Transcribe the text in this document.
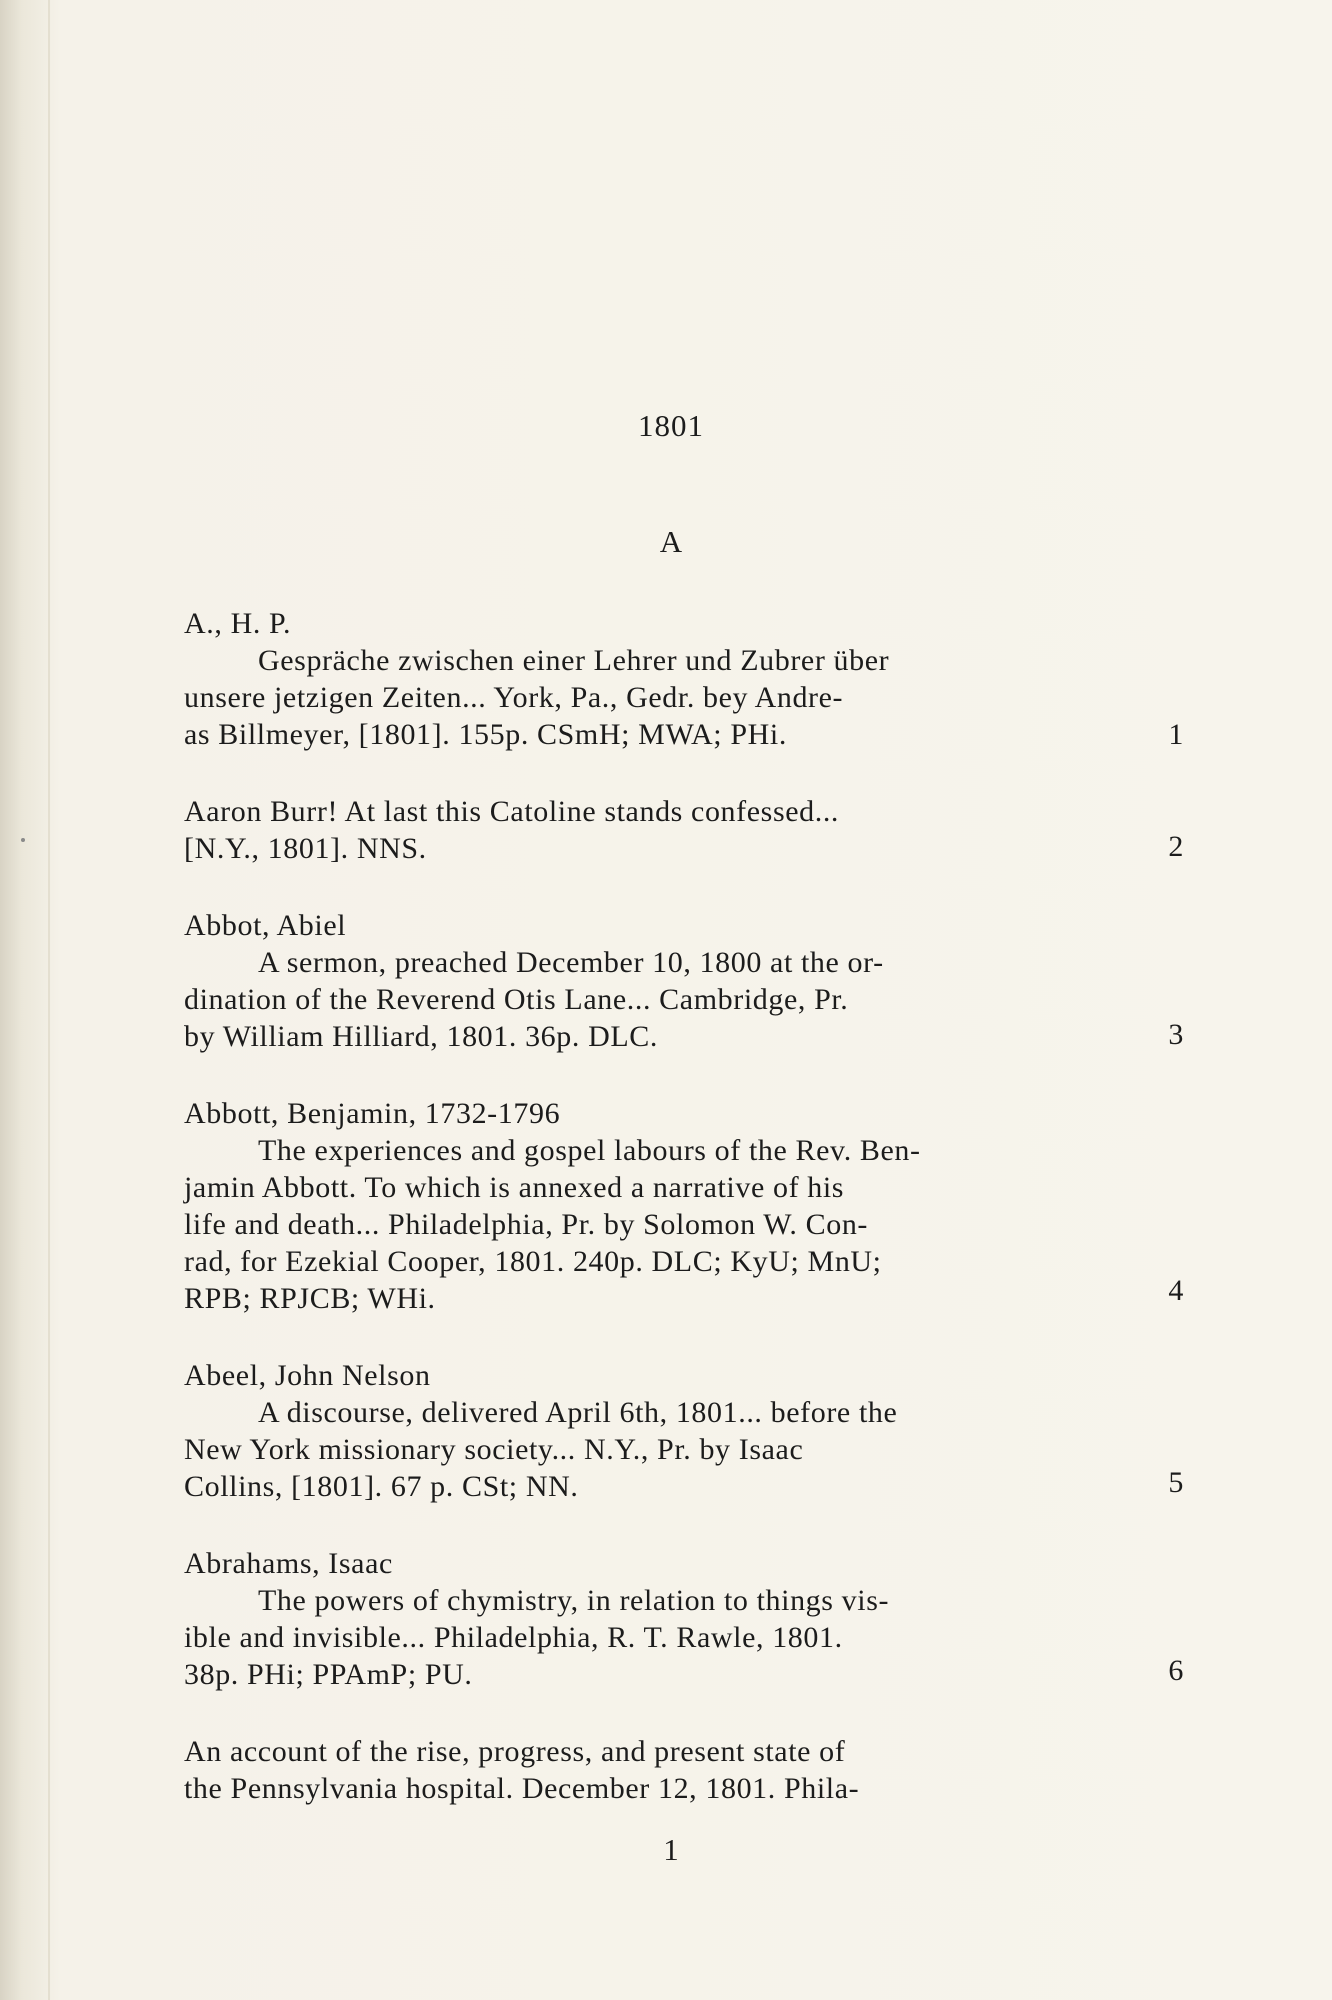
1801
A
A., H. P.
Gespräche zwischen einer Lehrer und Zubrer über
unsere jetzigen Zeiten... York, Pa., Gedr. bey Andre-
as Billmeyer, [1801]. 155p. CSmH; MWA; PHi.	1
Aaron Burr! At last this Catoline stands confessed...
[N.Y., 1801]. NNS.	2
Abbot, Abiel
A sermon, preached December 10, 1800 at the or-
dination of the Reverend Otis Lane... Cambridge, Pr.
by William Hilliard, 1801. 36p. DLC.	3
Abbott, Benjamin, 1732-1796
The experiences and gospel labours of the Rev. Ben-
jamin Abbott. To which is annexed a narrative of his
life and death... Philadelphia, Pr. by Solomon W. Con-
rad, for Ezekial Cooper, 1801. 240p. DLC; KyU; MnU;
RPB; RPJCB; WHi.	4
Abeel, John Nelson
A discourse, delivered April 6th, 1801... before the
New York missionary society... N.Y., Pr. by Isaac
Collins, [1801]. 67 p. CSt; NN.	5
Abrahams, Isaac
The powers of chymistry, in relation to things vis-
ible and invisible... Philadelphia, R. T. Rawle, 1801.
38p. PHi; PPAmP; PU.	6
An account of the rise, progress, and present state of
the Pennsylvania hospital. December 12, 1801. Phila-
1
